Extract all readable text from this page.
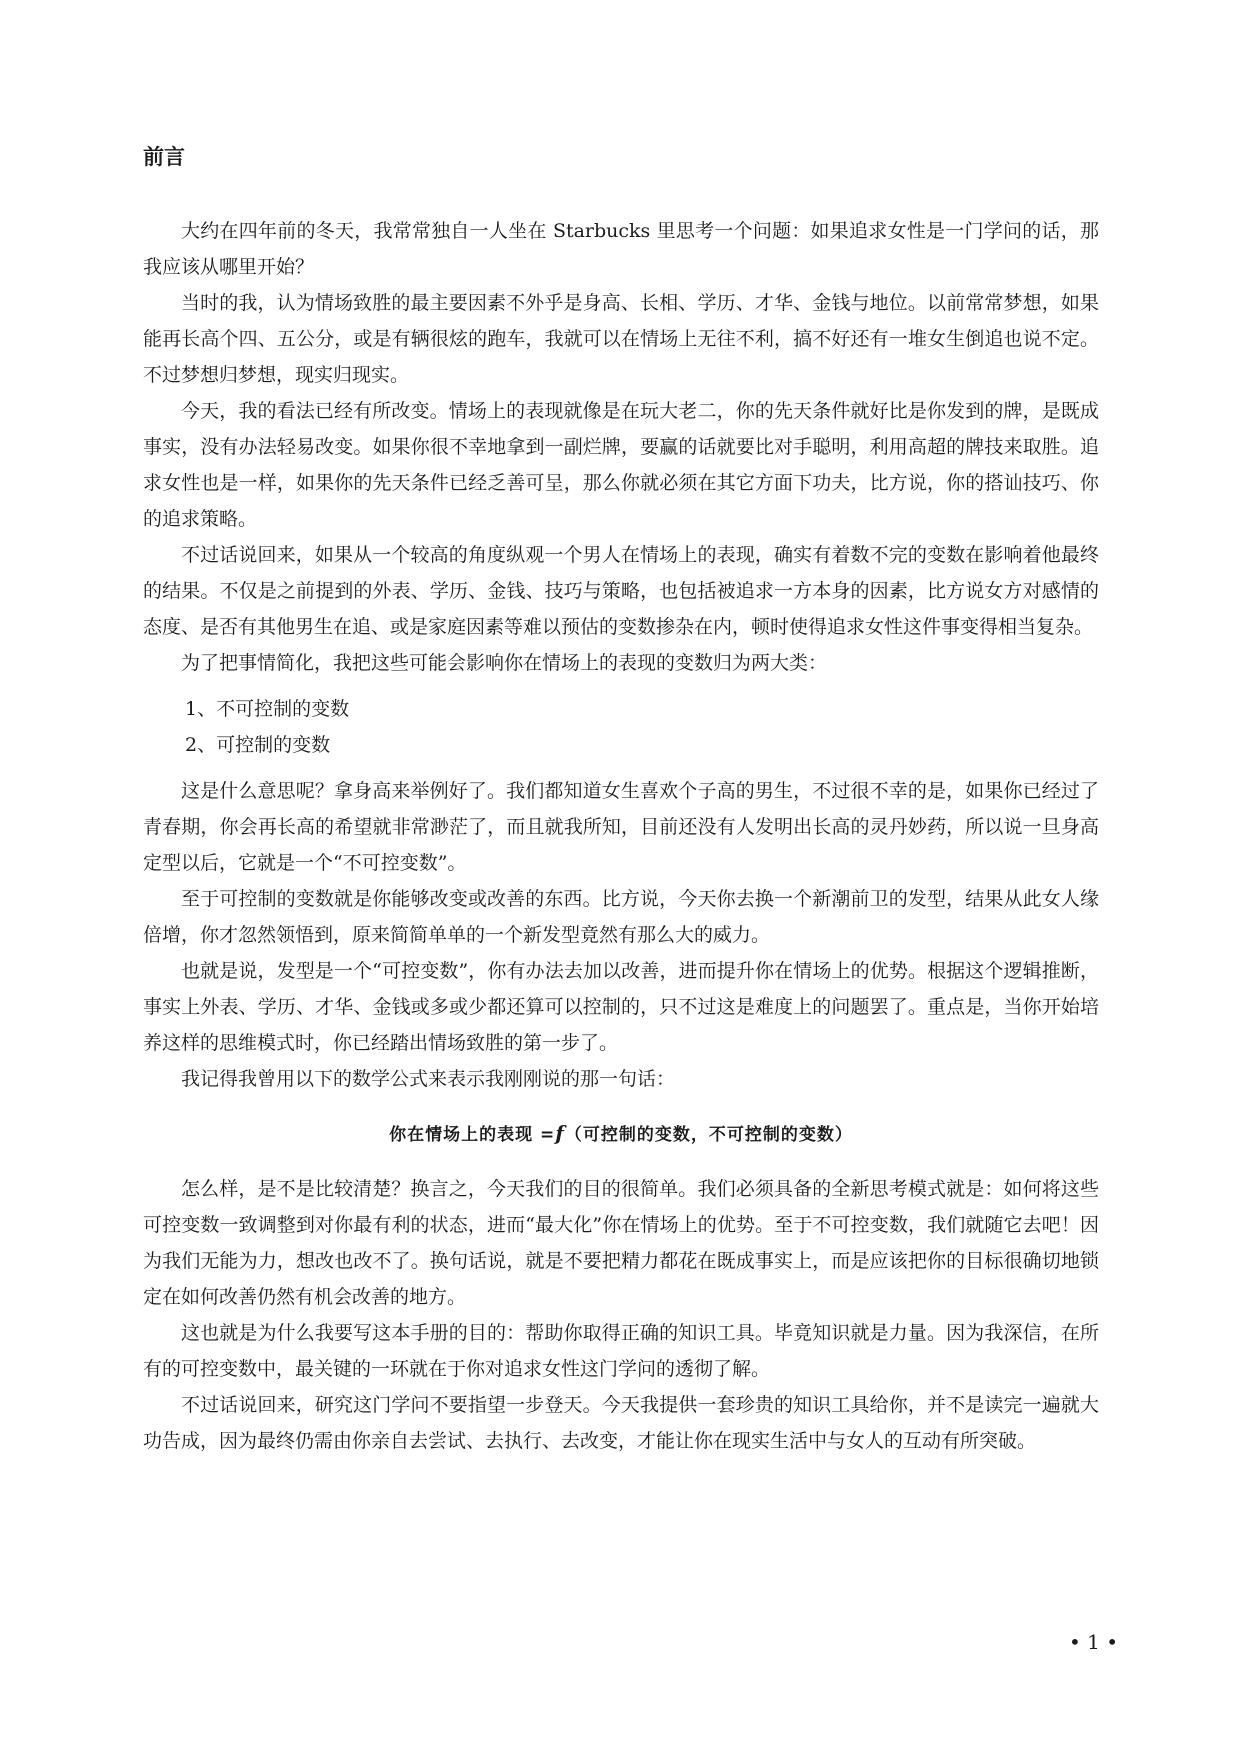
前言

大约在四年前的冬天，我常常独自一人坐在 Starbucks 里思考一个问题：如果追求女性是一门学问的话，那我应该从哪里开始？

当时的我，认为情场致胜的最主要因素不外乎是身高、长相、学历、才华、金钱与地位。以前常常梦想，如果能再长高个四、五公分，或是有辆很炫的跑车，我就可以在情场上无往不利，搞不好还有一堆女生倒追也说不定。不过梦想归梦想，现实归现实。

今天，我的看法已经有所改变。情场上的表现就像是在玩大老二，你的先天条件就好比是你发到的牌，是既成事实，没有办法轻易改变。如果你很不幸地拿到一副烂牌，要赢的话就要比对手聪明，利用高超的牌技来取胜。追求女性也是一样，如果你的先天条件已经乏善可呈，那么你就必须在其它方面下功夫，比方说，你的搭讪技巧、你的追求策略。

不过话说回来，如果从一个较高的角度纵观一个男人在情场上的表现，确实有着数不完的变数在影响着他最终的结果。不仅是之前提到的外表、学历、金钱、技巧与策略，也包括被追求一方本身的因素，比方说女方对感情的态度、是否有其他男生在追、或是家庭因素等难以预估的变数掺杂在内，顿时使得追求女性这件事变得相当复杂。

为了把事情简化，我把这些可能会影响你在情场上的表现的变数归为两大类：

1、不可控制的变数

2、可控制的变数

这是什么意思呢？拿身高来举例好了。我们都知道女生喜欢个子高的男生，不过很不幸的是，如果你已经过了青春期，你会再长高的希望就非常渺茫了，而且就我所知，目前还没有人发明出长高的灵丹妙药，所以说一旦身高定型以后，它就是一个“不可控变数”。

至于可控制的变数就是你能够改变或改善的东西。比方说，今天你去换一个新潮前卫的发型，结果从此女人缘倍增，你才忽然领悟到，原来简简单单的一个新发型竟然有那么大的威力。

也就是说，发型是一个“可控变数”，你有办法去加以改善，进而提升你在情场上的优势。根据这个逻辑推断，事实上外表、学历、才华、金钱或多或少都还算可以控制的，只不过这是难度上的问题罢了。重点是，当你开始培养这样的思维模式时，你已经踏出情场致胜的第一步了。

我记得我曾用以下的数学公式来表示我刚刚说的那一句话：

你在情场上的表现 =f（可控制的变数，不可控制的变数）

怎么样，是不是比较清楚？换言之，今天我们的目的很简单。我们必须具备的全新思考模式就是：如何将这些可控变数一致调整到对你最有利的状态，进而“最大化”你在情场上的优势。至于不可控变数，我们就随它去吧！因为我们无能为力，想改也改不了。换句话说，就是不要把精力都花在既成事实上，而是应该把你的目标很确切地锁定在如何改善仍然有机会改善的地方。

这也就是为什么我要写这本手册的目的：帮助你取得正确的知识工具。毕竟知识就是力量。因为我深信，在所有的可控变数中，最关键的一环就在于你对追求女性这门学问的透彻了解。

不过话说回来，研究这门学问不要指望一步登天。今天我提供一套珍贵的知识工具给你，并不是读完一遍就大功告成，因为最终仍需由你亲自去尝试、去执行、去改变，才能让你在现实生活中与女人的互动有所突破。

• 1 •
